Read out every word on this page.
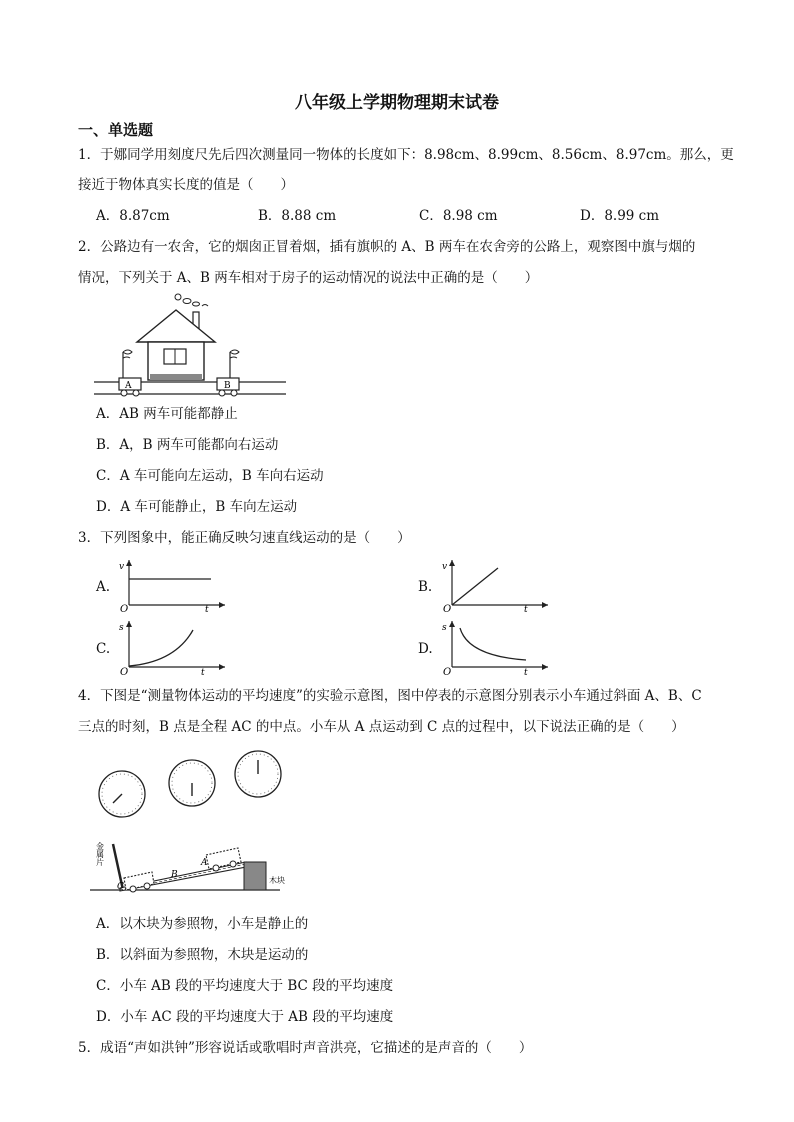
八年级上学期物理期末试卷
一、单选题
1．于娜同学用刻度尺先后四次测量同一物体的长度如下：8.98cm、8.99cm、8.56cm、8.97cm。那么，更
接近于物体真实长度的值是（　　）
A．8.87cm	B．8.88 cm	C．8.98 cm	D．8.99 cm
2．公路边有一农舍，它的烟囱正冒着烟，插有旗帜的 A、B 两车在农舍旁的公路上，观察图中旗与烟的
情况，下列关于 A、B 两车相对于房子的运动情况的说法中正确的是（　　）
A	B
A．AB 两车可能都静止
B．A，B 两车可能都向右运动
C．A 车可能向左运动，B 车向右运动
D．A 车可能静止，B 车向左运动
3．下列图象中，能正确反映匀速直线运动的是（　　）
A.
v
O	t
B.
v
O	t
C.
s
O	t
D.
s
O	t
4．下图是“测量物体运动的平均速度”的实验示意图，图中停表的示意图分别表示小车通过斜面 A、B、C
三点的时刻，B 点是全程 AC 的中点。小车从 A 点运动到 C 点的过程中，以下说法正确的是（　　）
金属片
木块
A
B
C
A．以木块为参照物，小车是静止的
B．以斜面为参照物，木块是运动的
C．小车 AB 段的平均速度大于 BC 段的平均速度
D．小车 AC 段的平均速度大于 AB 段的平均速度
5．成语“声如洪钟”形容说话或歌唱时声音洪亮，它描述的是声音的（　　）
